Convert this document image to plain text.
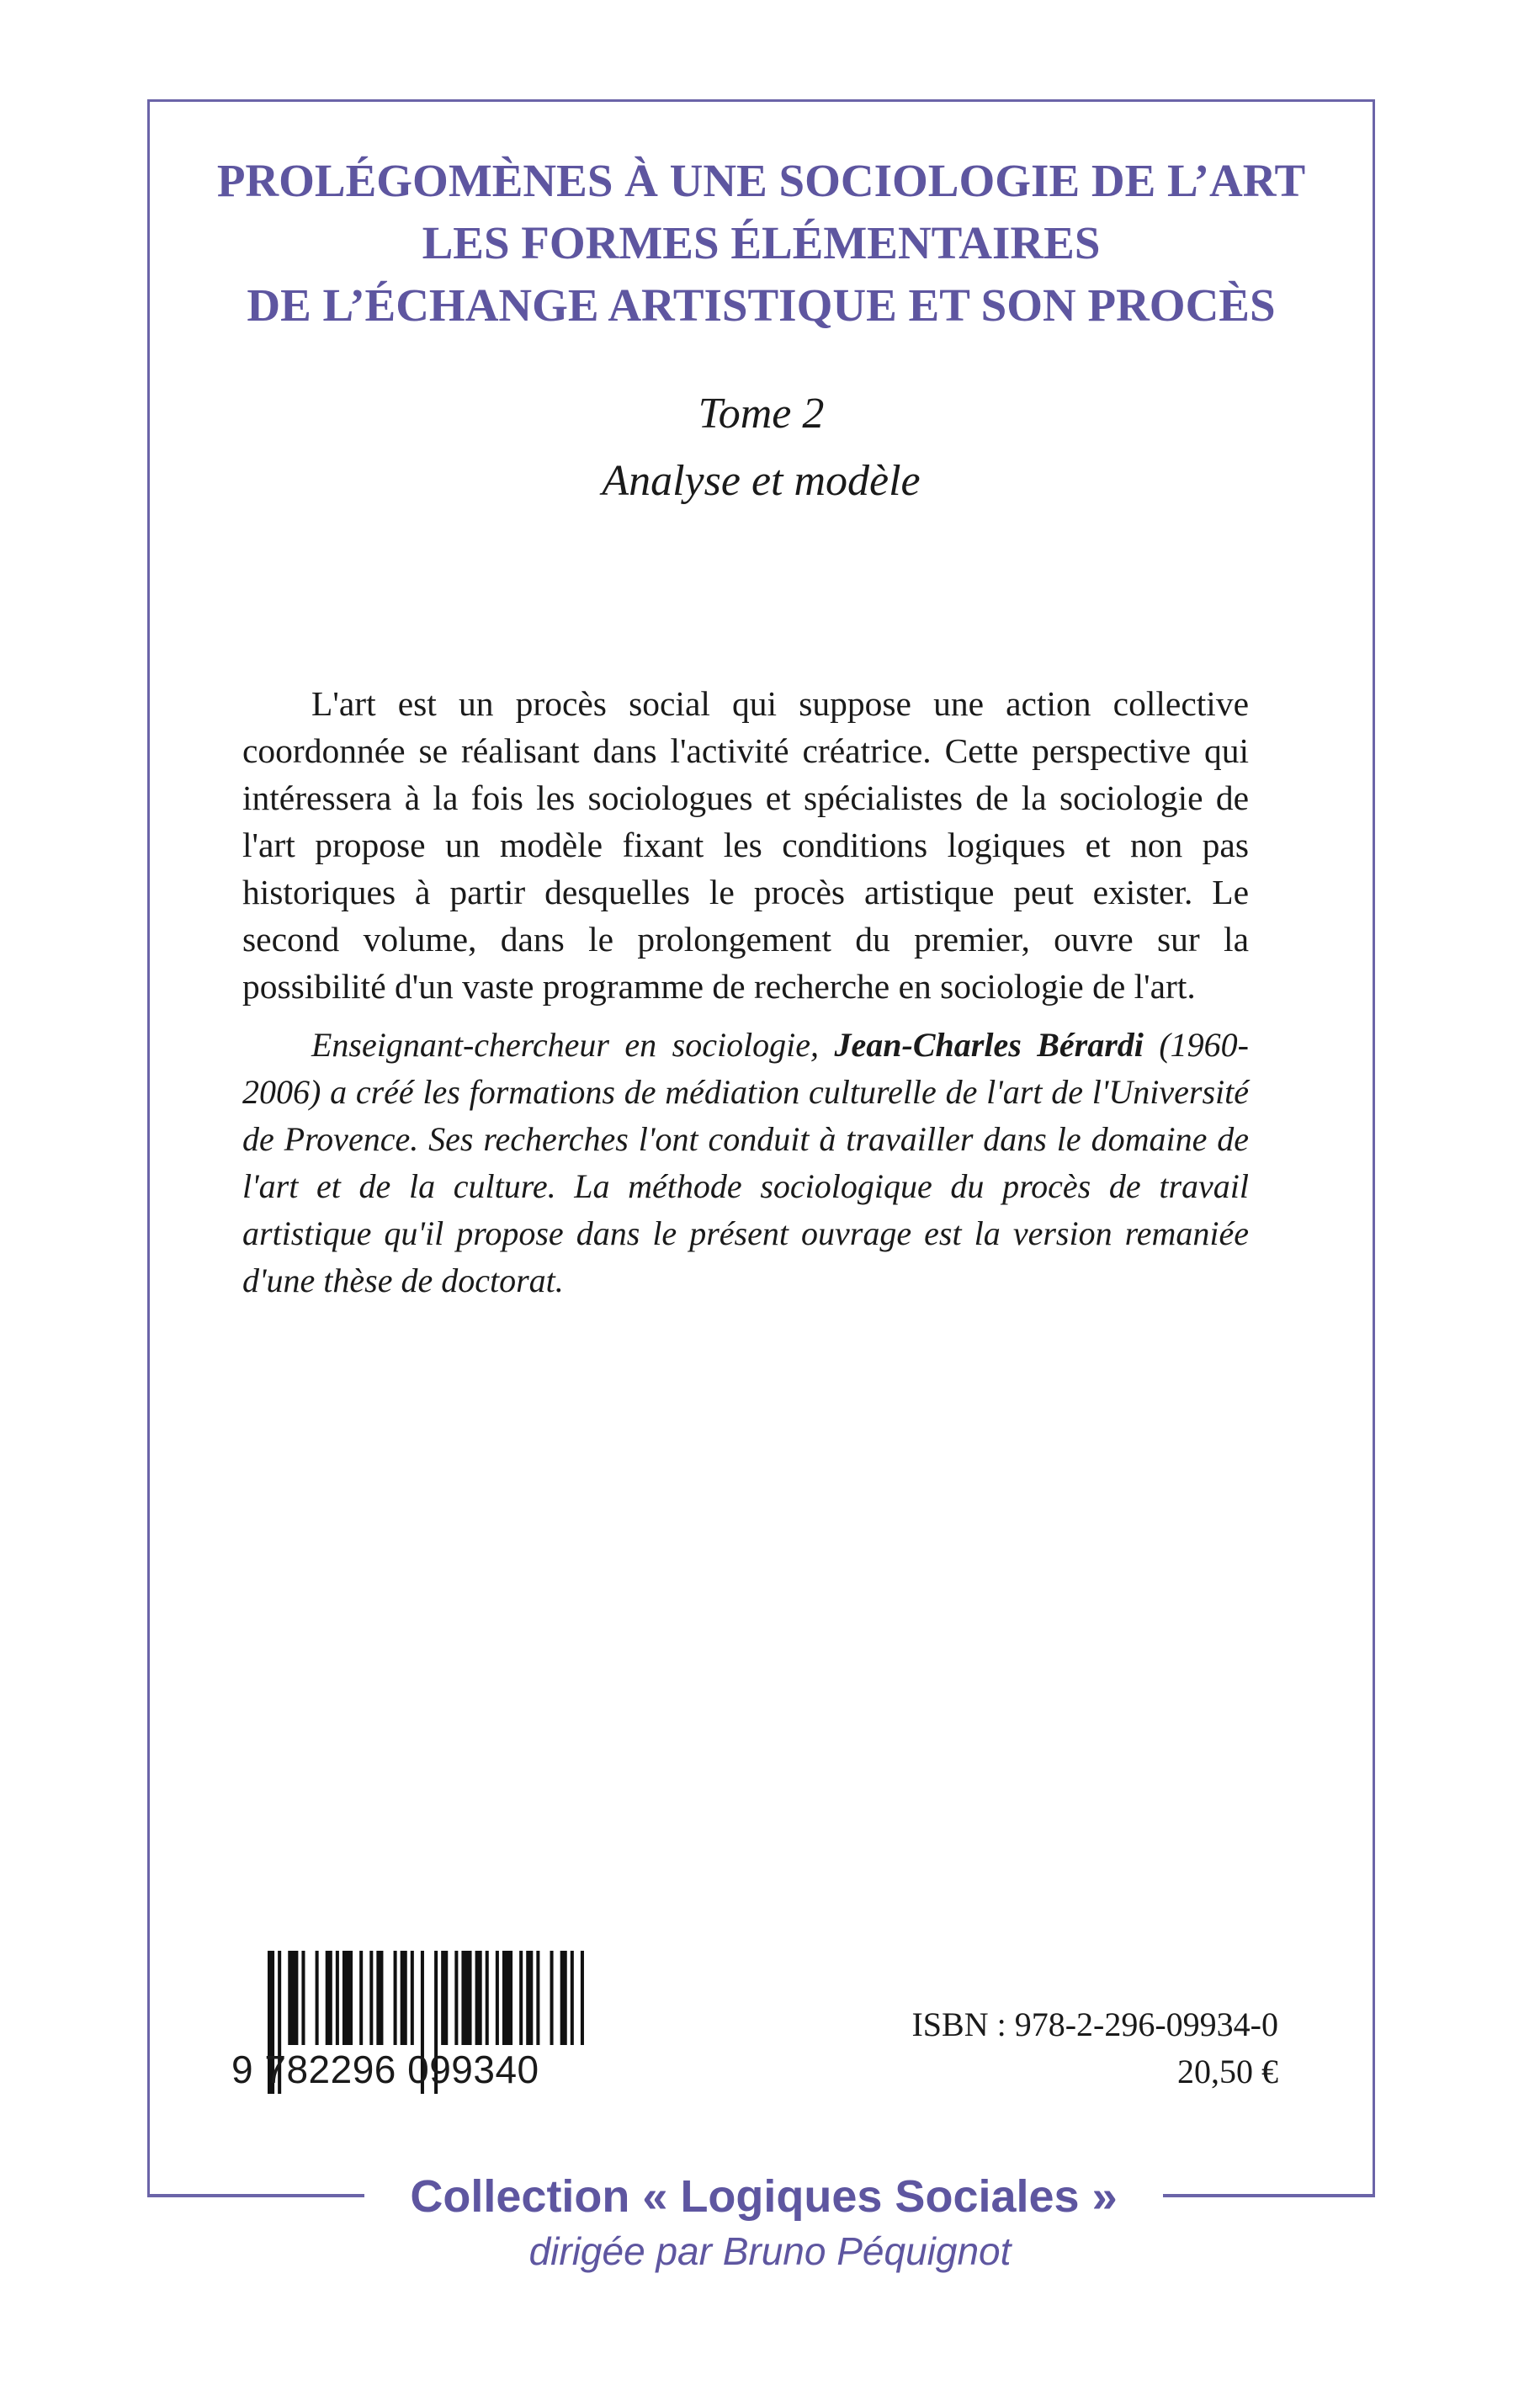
PROLÉGOMÈNES À UNE SOCIOLOGIE DE L’ART
LES FORMES ÉLÉMENTAIRES
DE L’ÉCHANGE ARTISTIQUE ET SON PROCÈS
Tome 2
Analyse et modèle

L'art est un procès social qui suppose une action collective coordonnée se réalisant dans l'activité créatrice. Cette perspective qui intéressera à la fois les sociologues et spécialistes de la sociologie de l'art propose un modèle fixant les conditions logiques et non pas historiques à partir desquelles le procès artistique peut exister. Le second volume, dans le prolongement du premier, ouvre sur la possibilité d'un vaste programme de recherche en sociologie de l'art.

Enseignant-chercheur en sociologie, Jean-Charles Bérardi (1960-2006) a créé les formations de médiation culturelle de l'art de l'Université de Provence. Ses recherches l'ont conduit à travailler dans le domaine de l'art et de la culture. La méthode sociologique du procès de travail artistique qu'il propose dans le présent ouvrage est la version remaniée d'une thèse de doctorat.

9 782296 099340
ISBN : 978-2-296-09934-0
20,50 €
Collection « Logiques Sociales »
dirigée par Bruno Péquignot
